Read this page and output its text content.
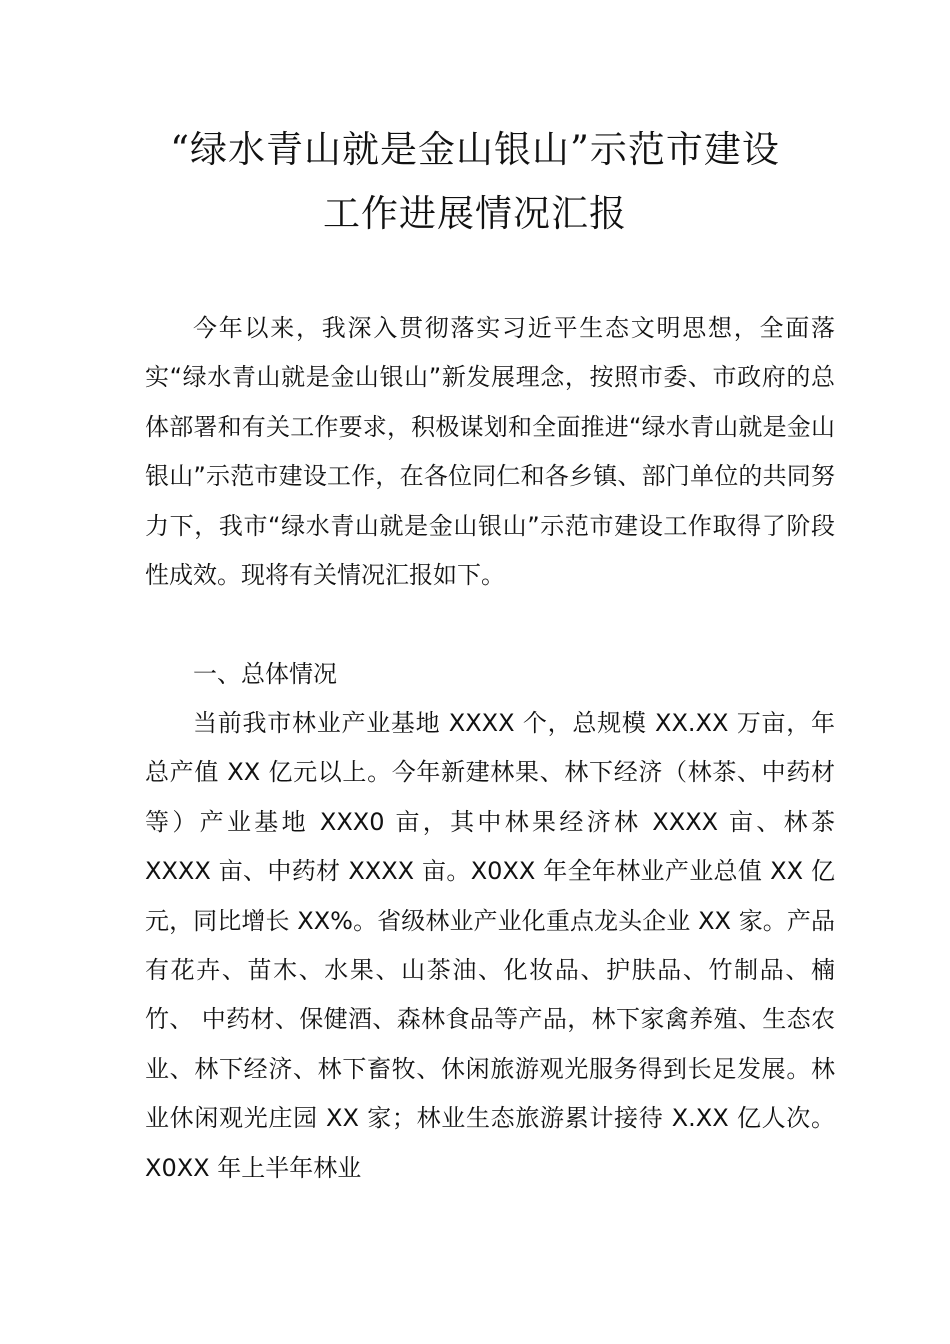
“绿水青山就是金山银山”示范市建设
工作进展情况汇报

今年以来，我深入贯彻落实习近平生态文明思想，全面落实“绿水青山就是金山银山”新发展理念，按照市委、市政府的总体部署和有关工作要求，积极谋划和全面推进“绿水青山就是金山银山”示范市建设工作，在各位同仁和各乡镇、部门单位的共同努力下，我市“绿水青山就是金山银山”示范市建设工作取得了阶段性成效。现将有关情况汇报如下。

一、总体情况

当前我市林业产业基地 XXXX 个，总规模 XX.XX 万亩，年总产值 XX 亿元以上。今年新建林果、林下经济（林茶、中药材等）产业基地 XXX0 亩，其中林果经济林 XXXX 亩、林茶 XXXX 亩、中药材 XXXX 亩。X0XX 年全年林业产业总值 XX 亿元，同比增长 XX%。省级林业产业化重点龙头企业 XX 家。产品有花卉、苗木、水果、山茶油、化妆品、护肤品、竹制品、楠竹、 中药材、保健酒、森林食品等产品，林下家禽养殖、生态农业、林下经济、林下畜牧、休闲旅游观光服务得到长足发展。林业休闲观光庄园 XX 家；林业生态旅游累计接待 X.XX 亿人次。X0XX 年上半年林业
